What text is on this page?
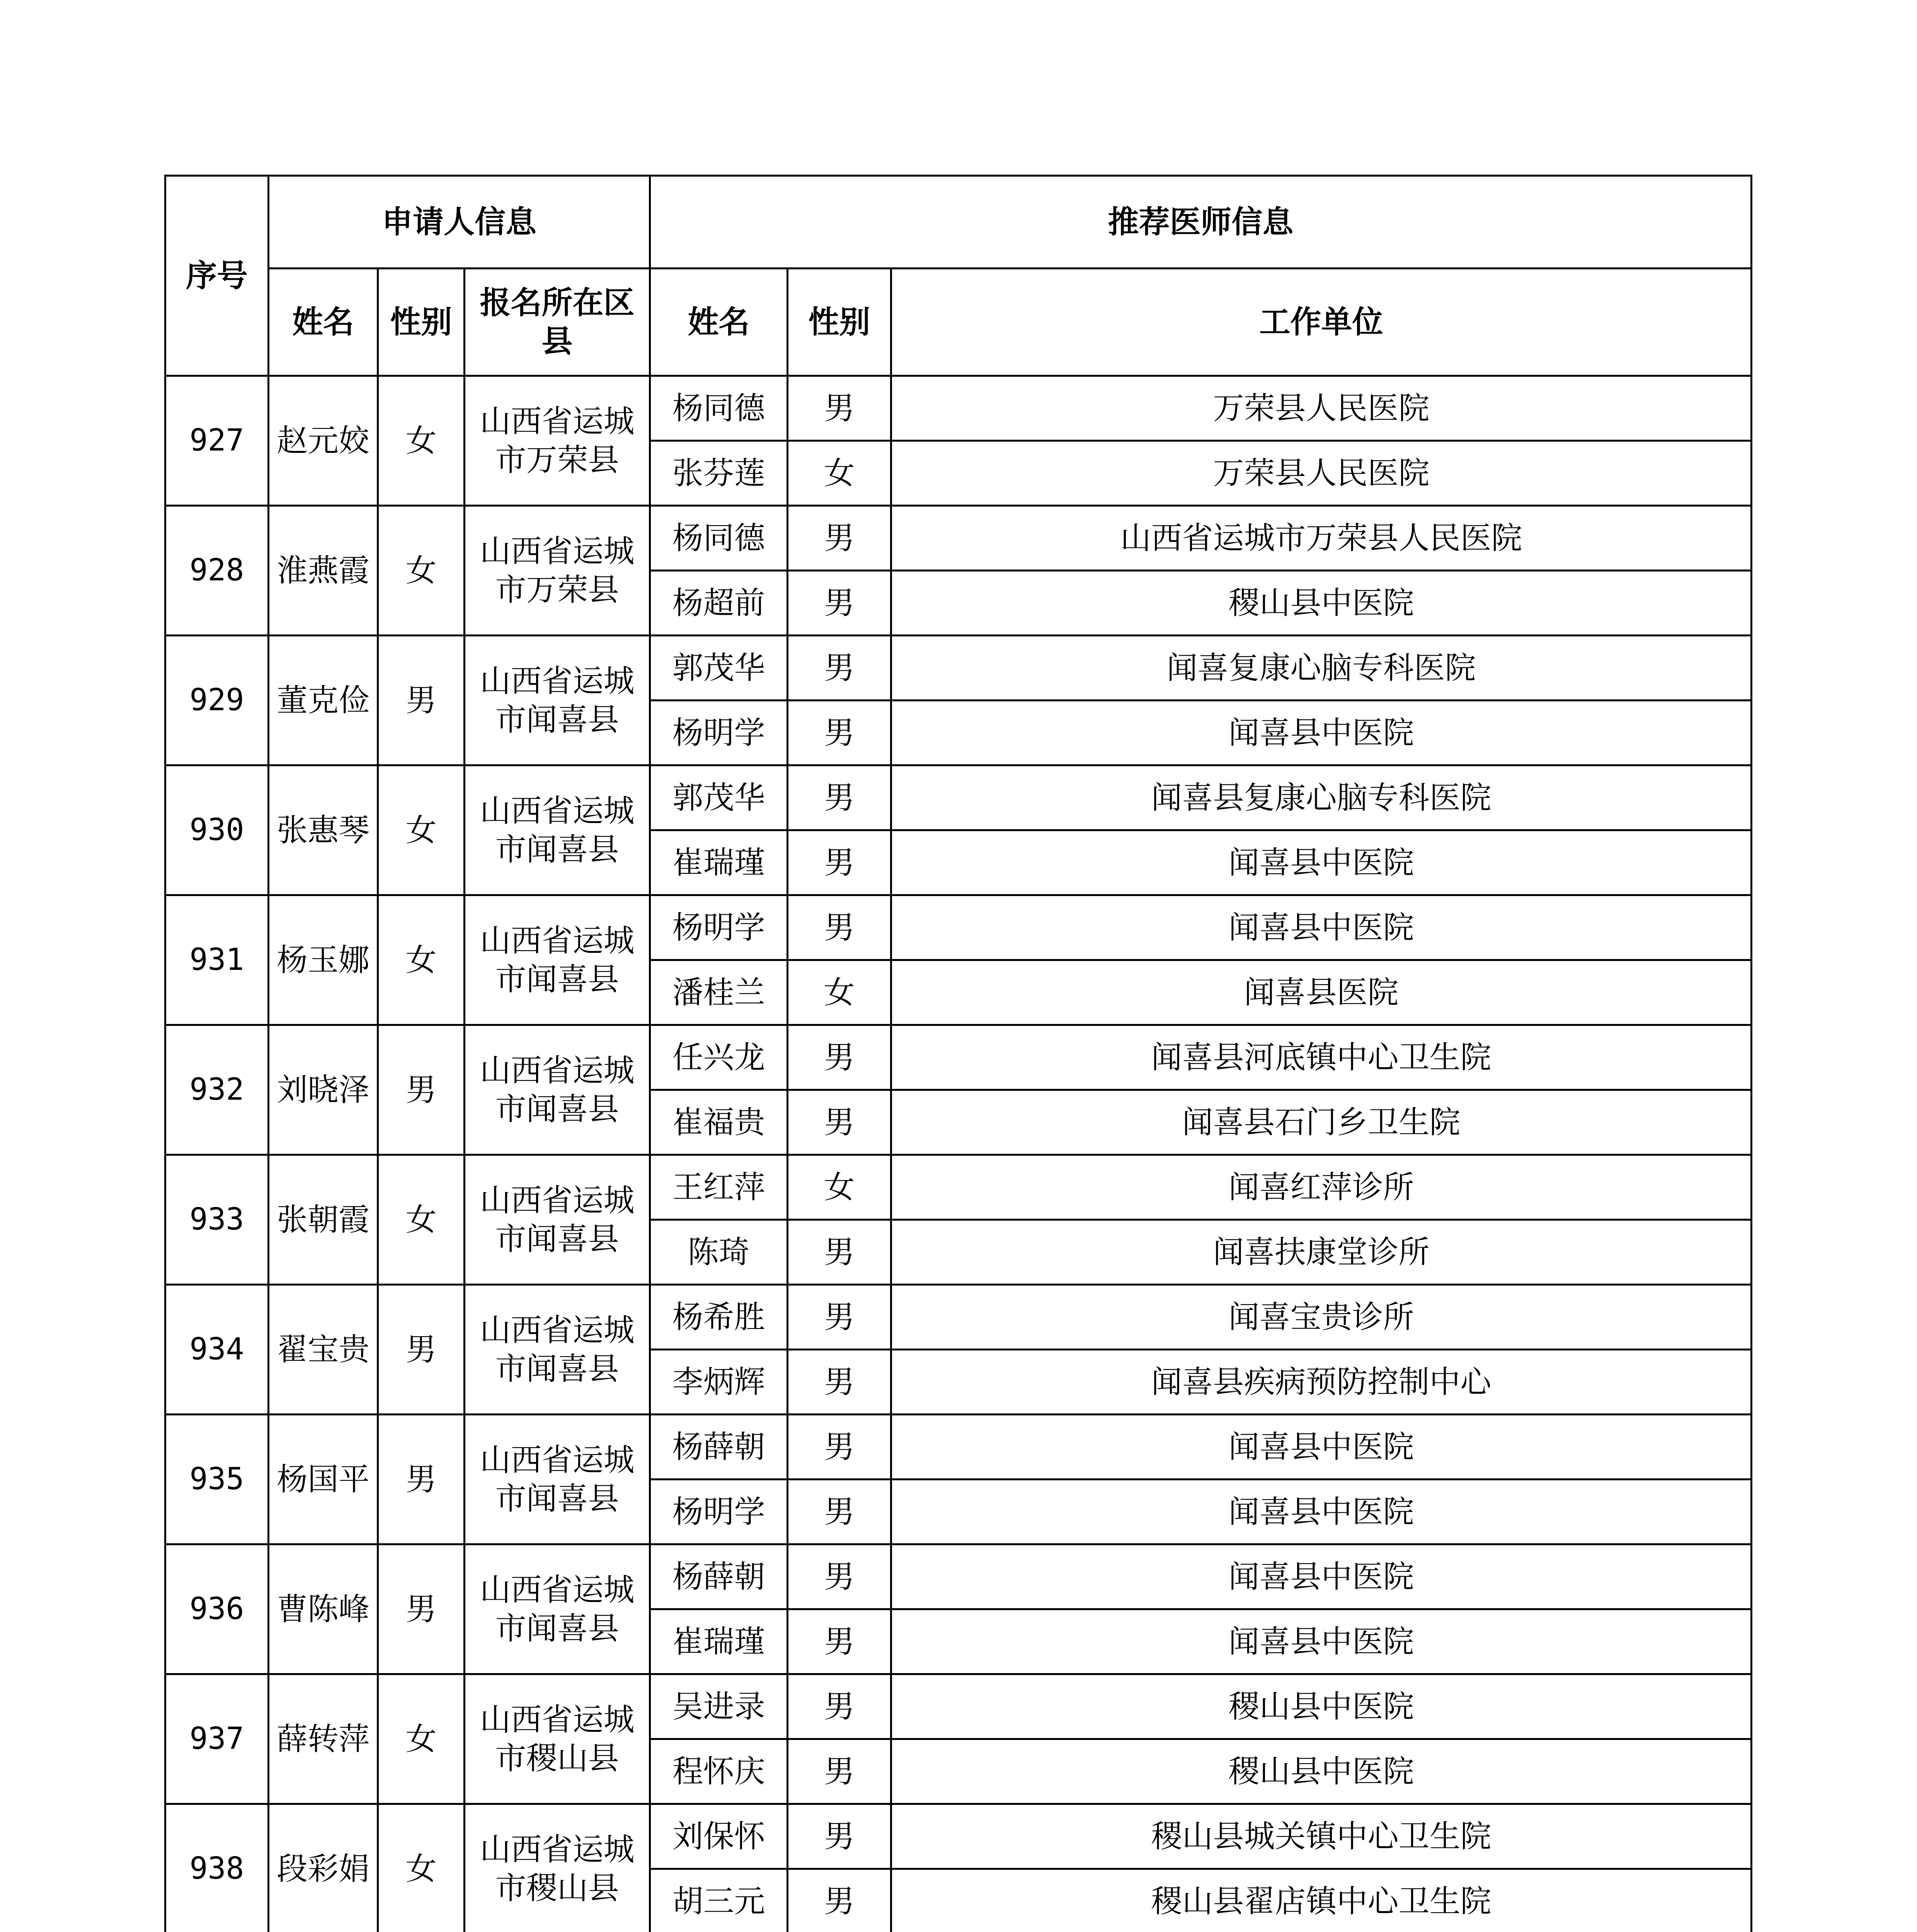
序号	申请人信息			推荐医师信息		
	姓名	性别	报名所在区县	姓名	性别	工作单位
927	赵元姣	女	山西省运城市万荣县	杨同德	男	万荣县人民医院
				张芬莲	女	万荣县人民医院
928	淮燕霞	女	山西省运城市万荣县	杨同德	男	山西省运城市万荣县人民医院
				杨超前	男	稷山县中医院
929	董克俭	男	山西省运城市闻喜县	郭茂华	男	闻喜复康心脑专科医院
				杨明学	男	闻喜县中医院
930	张惠琴	女	山西省运城市闻喜县	郭茂华	男	闻喜县复康心脑专科医院
				崔瑞瑾	男	闻喜县中医院
931	杨玉娜	女	山西省运城市闻喜县	杨明学	男	闻喜县中医院
				潘桂兰	女	闻喜县医院
932	刘晓泽	男	山西省运城市闻喜县	任兴龙	男	闻喜县河底镇中心卫生院
				崔福贵	男	闻喜县石门乡卫生院
933	张朝霞	女	山西省运城市闻喜县	王红萍	女	闻喜红萍诊所
				陈琦	男	闻喜扶康堂诊所
934	翟宝贵	男	山西省运城市闻喜县	杨希胜	男	闻喜宝贵诊所
				李炳辉	男	闻喜县疾病预防控制中心
935	杨国平	男	山西省运城市闻喜县	杨薛朝	男	闻喜县中医院
				杨明学	男	闻喜县中医院
936	曹陈峰	男	山西省运城市闻喜县	杨薛朝	男	闻喜县中医院
				崔瑞瑾	男	闻喜县中医院
937	薛转萍	女	山西省运城市稷山县	吴进录	男	稷山县中医院
				程怀庆	男	稷山县中医院
938	段彩娟	女	山西省运城市稷山县	刘保怀	男	稷山县城关镇中心卫生院
				胡三元	男	稷山县翟店镇中心卫生院
